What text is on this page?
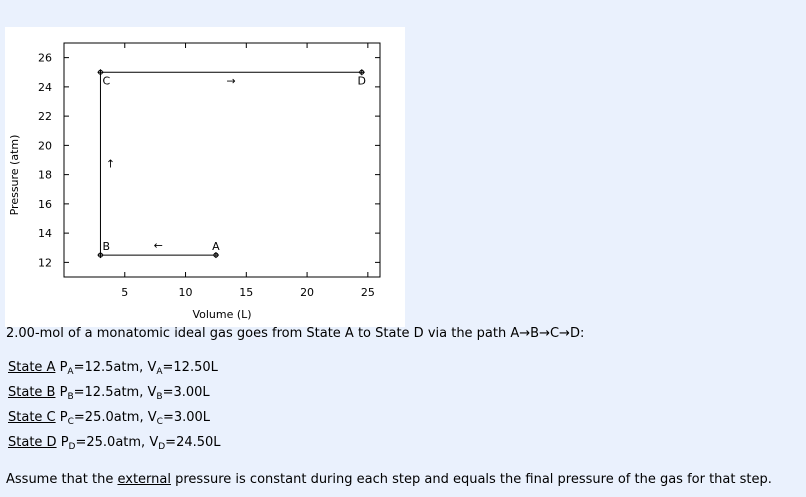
5	10	15	20	25
12
14
16
18
20
22
24
26
Volume (L)
Pressure (atm)
A
B
C	D
←
↑
→
2.00-mol of a monatomic ideal gas goes from State A to State D via the path A→B→C→D:
State A $P_A=12.5atm$, $V_A=12.50L$
State B $P_B=12.5atm$, $V_B=3.00L$
State C $P_C=25.0atm$, $V_C=3.00L$
State D $P_D=25.0atm$, $V_D=24.50L$
Assume that the external pressure is constant during each step and equals the final pressure of the gas for that step.
